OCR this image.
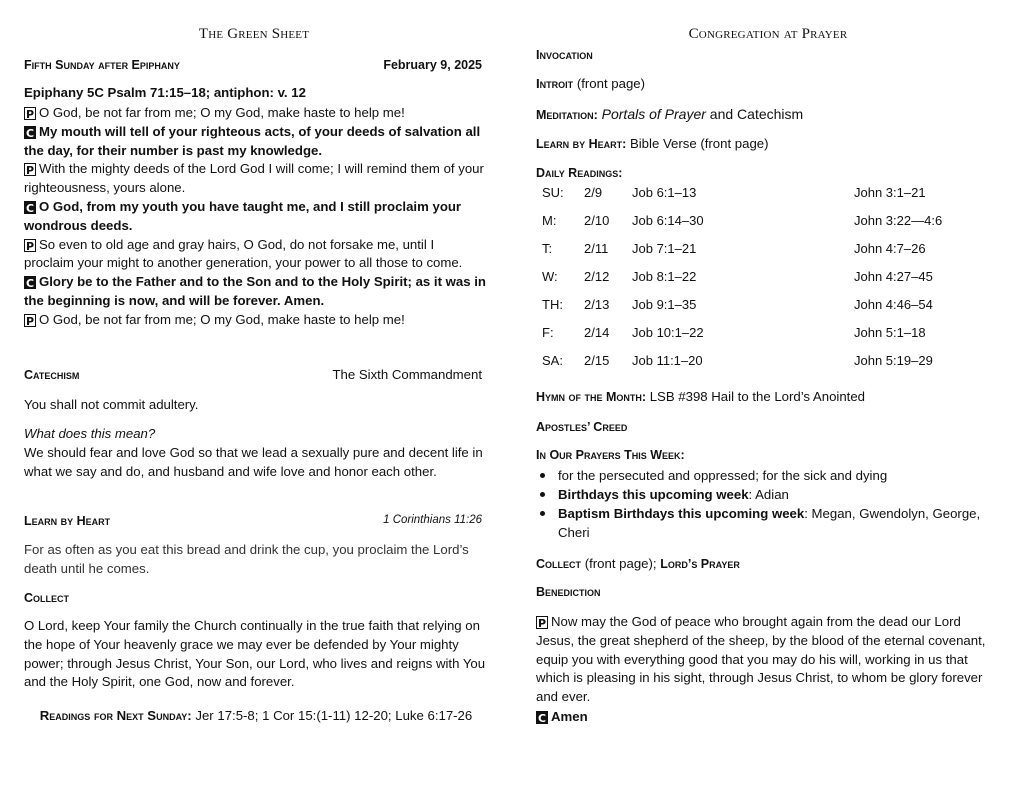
The Green Sheet
Fifth Sunday after Epiphany	February 9, 2025
Epiphany 5C Psalm 71:15–18; antiphon: v. 12
P O God, be not far from me; O my God, make haste to help me!
C My mouth will tell of your righteous acts, of your deeds of salvation all the day, for their number is past my knowledge.
P With the mighty deeds of the Lord God I will come; I will remind them of your righteousness, yours alone.
C O God, from my youth you have taught me, and I still proclaim your wondrous deeds.
P So even to old age and gray hairs, O God, do not forsake me, until I proclaim your might to another generation, your power to all those to come.
C Glory be to the Father and to the Son and to the Holy Spirit; as it was in the beginning is now, and will be forever. Amen.
P O God, be not far from me; O my God, make haste to help me!
Catechism	The Sixth Commandment
You shall not commit adultery.
What does this mean?
We should fear and love God so that we lead a sexually pure and decent life in what we say and do, and husband and wife love and honor each other.
Learn by Heart	1 Corinthians 11:26
For as often as you eat this bread and drink the cup, you proclaim the Lord’s death until he comes.
Collect
O Lord, keep Your family the Church continually in the true faith that relying on the hope of Your heavenly grace we may ever be defended by Your mighty power; through Jesus Christ, Your Son, our Lord, who lives and reigns with You and the Holy Spirit, one God, now and forever.
Readings for Next Sunday: Jer 17:5-8; 1 Cor 15:(1-11) 12-20; Luke 6:17-26
Congregation at Prayer
Invocation
Introit (front page)
Meditation: Portals of Prayer and Catechism
Learn by Heart: Bible Verse (front page)
Daily Readings:
SU:	2/9	Job 6:1–13	John 3:1–21
M:	2/10	Job 6:14–30	John 3:22—4:6
T:	2/11	Job 7:1–21	John 4:7–26
W:	2/12	Job 8:1–22	John 4:27–45
TH:	2/13	Job 9:1–35	John 4:46–54
F:	2/14	Job 10:1–22	John 5:1–18
SA:	2/15	Job 11:1–20	John 5:19–29
Hymn of the Month: LSB #398 Hail to the Lord’s Anointed
Apostles’ Creed
In Our Prayers This Week:
for the persecuted and oppressed; for the sick and dying
Birthdays this upcoming week: Adian
Baptism Birthdays this upcoming week: Megan, Gwendolyn, George, Cheri
Collect (front page); Lord’s Prayer
Benediction
P Now may the God of peace who brought again from the dead our Lord Jesus, the great shepherd of the sheep, by the blood of the eternal covenant, equip you with everything good that you may do his will, working in us that which is pleasing in his sight, through Jesus Christ, to whom be glory forever and ever.
C Amen
